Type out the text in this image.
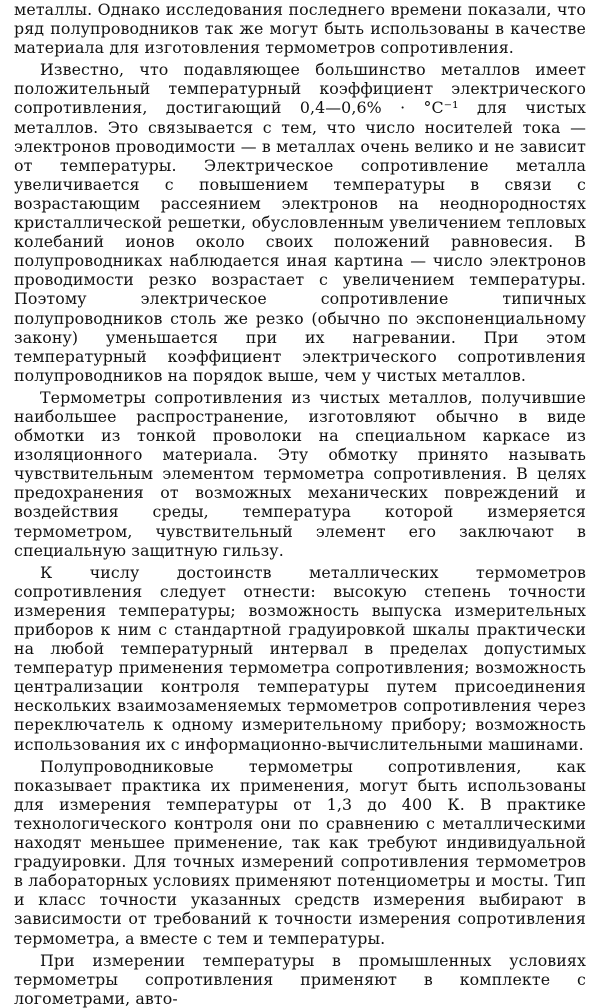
металлы. Однако исследования последнего времени показали, что ряд полупроводников так же могут быть использованы в качестве материала для изготовления термометров сопротивления.

Известно, что подавляющее большинство металлов имеет положительный температурный коэффициент электрического сопротивления, достигающий 0,4—0,6% · °С⁻¹ для чистых металлов. Это связывается с тем, что число носителей тока — электронов проводимости — в металлах очень велико и не зависит от температуры. Электрическое сопротивление металла увеличивается с повышением температуры в связи с возрастающим рассеянием электронов на неоднородностях кристаллической решетки, обусловленным увеличением тепловых колебаний ионов около своих положений равновесия. В полупроводниках наблюдается иная картина — число электронов проводимости резко возрастает с увеличением температуры. Поэтому электрическое сопротивление типичных полупроводников столь же резко (обычно по экспоненциальному закону) уменьшается при их нагревании. При этом температурный коэффициент электрического сопротивления полупроводников на порядок выше, чем у чистых металлов.

Термометры сопротивления из чистых металлов, получившие наибольшее распространение, изготовляют обычно в виде обмотки из тонкой проволоки на специальном каркасе из изоляционного материала. Эту обмотку принято называть чувствительным элементом термометра сопротивления. В целях предохранения от возможных механических повреждений и воздействия среды, температура которой измеряется термометром, чувствительный элемент его заключают в специальную защитную гильзу.

К числу достоинств металлических термометров сопротивления следует отнести: высокую степень точности измерения температуры; возможность выпуска измерительных приборов к ним с стандартной градуировкой шкалы практически на любой температурный интервал в пределах допустимых температур применения термометра сопротивления; возможность централизации контроля температуры путем присоединения нескольких взаимозаменяемых термометров сопротивления через переключатель к одному измерительному прибору; возможность использования их с информационно-вычислительными машинами.

Полупроводниковые термометры сопротивления, как показывает практика их применения, могут быть использованы для измерения температуры от 1,3 до 400 К. В практике технологического контроля они по сравнению с металлическими находят меньшее применение, так как требуют индивидуальной градуировки. Для точных измерений сопротивления термометров в лабораторных условиях применяют потенциометры и мосты. Тип и класс точности указанных средств измерения выбирают в зависимости от требований к точности измерения сопротивления термометра, а вместе с тем и температуры.

При измерении температуры в промышленных условиях термометры сопротивления применяют в комплекте с логометрами, авто-
